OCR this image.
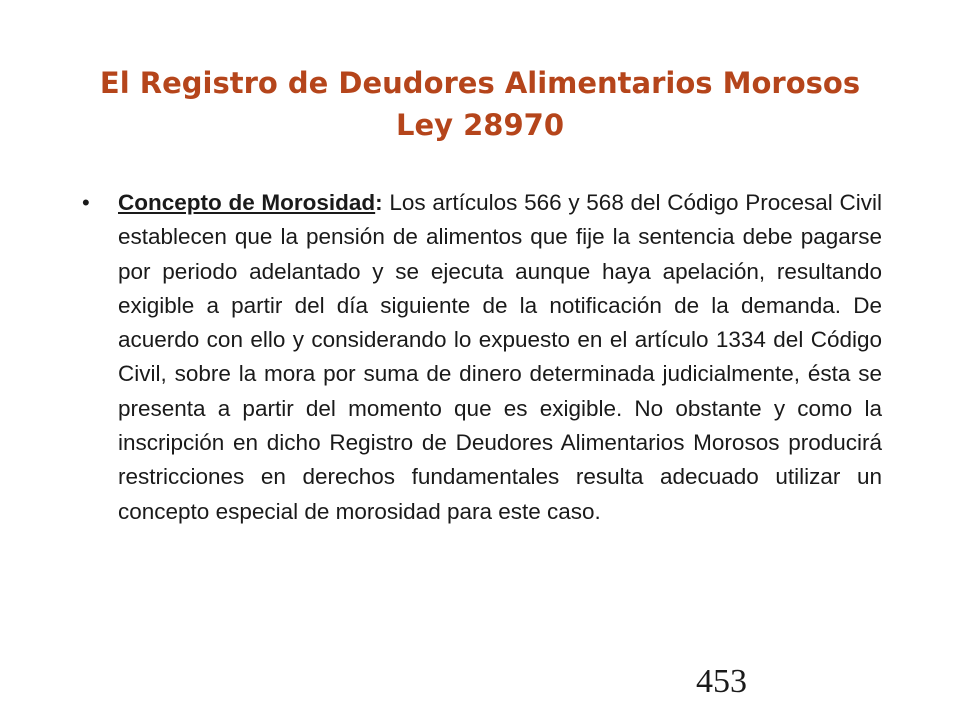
El Registro de Deudores Alimentarios Morosos
Ley 28970
•	Concepto de Morosidad: Los artículos 566 y 568 del Código Procesal Civil establecen que la pensión de alimentos que fije la sentencia debe pagarse por periodo adelantado y se ejecuta aunque haya apelación, resultando exigible a partir del día siguiente de la notificación de la demanda. De acuerdo con ello y considerando lo expuesto en el artículo 1334 del Código Civil, sobre la mora por suma de dinero determinada judicialmente, ésta se presenta a partir del momento que es exigible. No obstante y como la inscripción en dicho Registro de Deudores Alimentarios Morosos producirá restricciones en derechos fundamentales resulta adecuado utilizar un concepto especial de morosidad para este caso.
453
